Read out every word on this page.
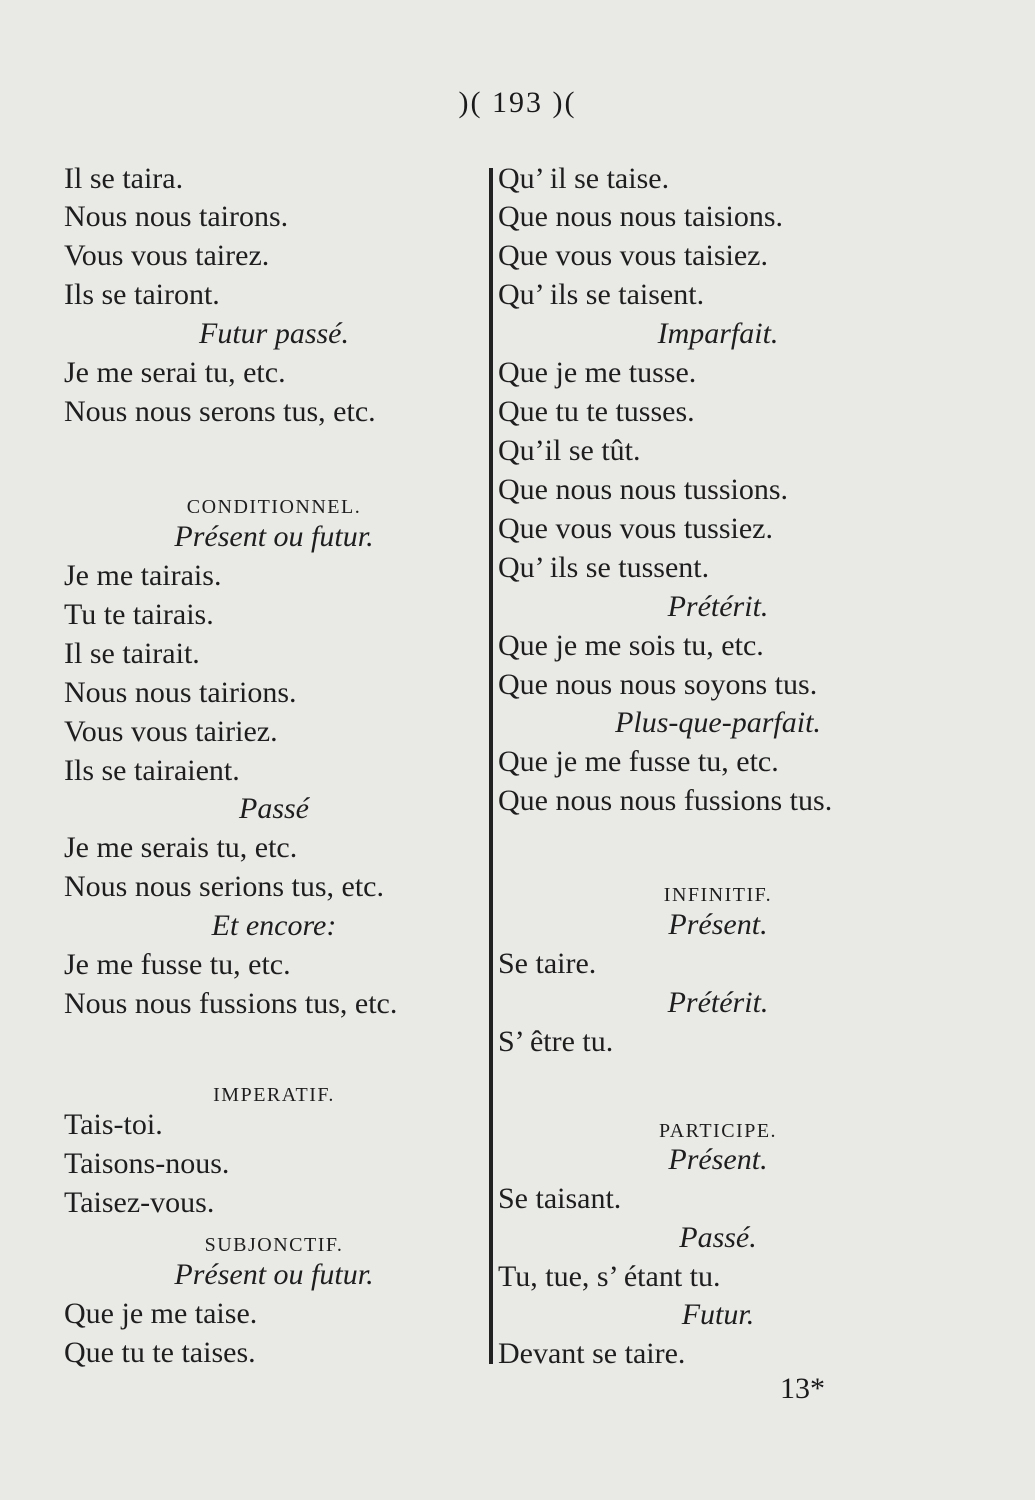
)( 193 )(
Il se taira.
Nous nous tairons.
Vous vous tairez.
Ils se tairont.
Futur passé.
Je me serai tu, etc.
Nous nous serons tus, etc.
CONDITIONNEL.
Présent ou futur.
Je me tairais.
Tu te tairais.
Il se tairait.
Nous nous tairions.
Vous vous tairiez.
Ils se tairaient.
Passé
Je me serais tu, etc.
Nous nous serions tus, etc.
Et encore:
Je me fusse tu, etc.
Nous nous fussions tus, etc.
IMPERATIF.
Tais-toi.
Taisons-nous.
Taisez-vous.
SUBJONCTIF.
Présent ou futur.
Que je me taise.
Que tu te taises.
Qu’ il se taise.
Que nous nous taisions.
Que vous vous taisiez.
Qu’ ils se taisent.
Imparfait.
Que je me tusse.
Que tu te tusses.
Qu’il se tût.
Que nous nous tussions.
Que vous vous tussiez.
Qu’ ils se tussent.
Prétérit.
Que je me sois tu, etc.
Que nous nous soyons tus.
Plus-que-parfait.
Que je me fusse tu, etc.
Que nous nous fussions tus.
INFINITIF.
Présent.
Se taire.
Prétérit.
S’ être tu.
PARTICIPE.
Présent.
Se taisant.
Passé.
Tu, tue, s’ étant tu.
Futur.
Devant se taire.
13*
